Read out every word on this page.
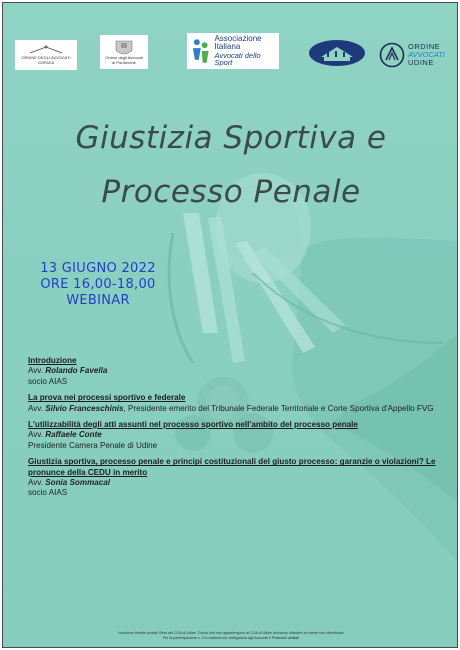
ORDINE DEGLI AVVOCATI
GORIZIA
Ordine degli Avvocati
di Pordenone
Associazione
Italiana
Avvocati dello Sport
ORDINE
AVVOCATI
UDINE
Giustizia Sportiva e
Processo Penale
13 GIUGNO 2022
ORE 16,00-18,00
WEBINAR
Introduzione
Avv. Rolando Favella
socio AIAS
La prova nei processi sportivo e federale
Avv. Silvio Franceschinis, Presidente emerito del Tribunale Federale Territoriale e Corte Sportiva d'Appello FVG
L'utilizzabilità degli atti assunti nel processo sportivo nell'ambito del processo penale
Avv. Raffaele Conte
Presidente Camera Penale di Udine
Giustizia sportiva, processo penale e principi costituzionali del giusto processo: garanzie o violazioni? Le pronunce della CEDU in merito
Avv. Sonia Sommacal
socio AIAS
Iscrizione tramite portale Sfera del COA di Udine. Coloro che non appartengono al COA di Udine dovranno chiedere ex utente non identificato
Per la partecipazione n. 2 in materia non obbligatoria agli Avvocati e Praticanti abilitati
